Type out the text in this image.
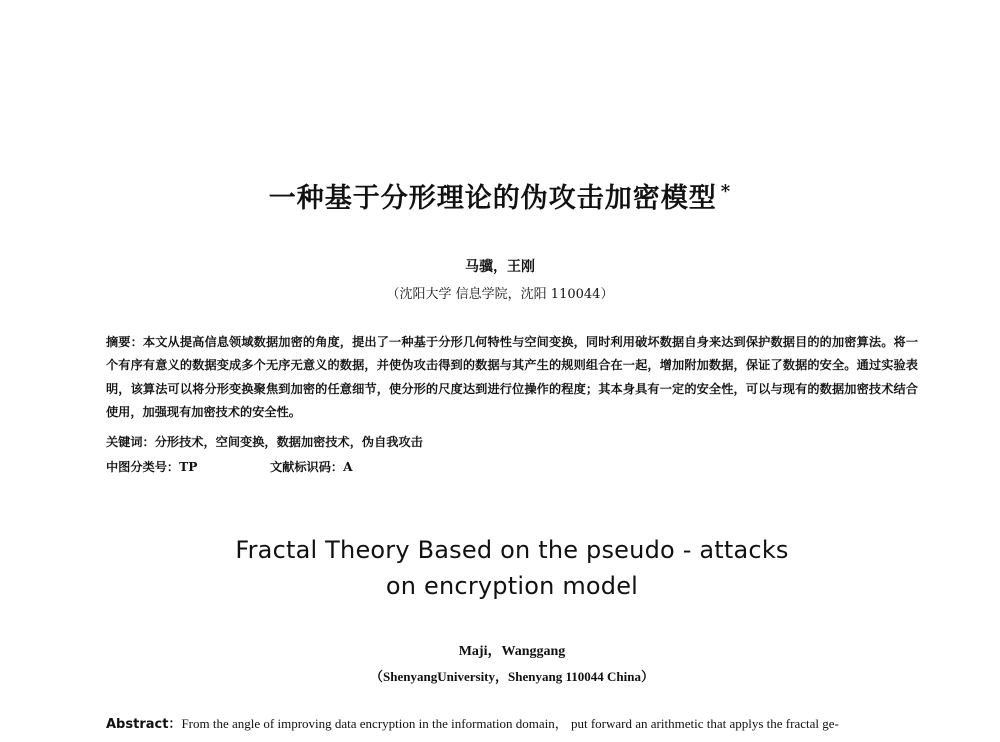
一种基于分形理论的伪攻击加密模型 *
马骥，王刚
（沈阳大学 信息学院，沈阳 110044）
摘要：本文从提高信息领域数据加密的角度，提出了一种基于分形几何特性与空间变换，同时利用破坏数据自身来达到保护数据目的的加密算法。将一个有序有意义的数据变成多个无序无意义的数据，并使伪攻击得到的数据与其产生的规则组合在一起，增加附加数据，保证了数据的安全。通过实验表明，该算法可以将分形变换聚焦到加密的任意细节，使分形的尺度达到进行位操作的程度；其本身具有一定的安全性，可以与现有的数据加密技术结合使用，加强现有加密技术的安全性。
关键词：分形技术，空间变换，数据加密技术，伪自我攻击
中图分类号：TP	文献标识码：A
Fractal Theory Based on the pseudo - attacks
on encryption model
Maji，Wanggang
（ShenyangUniversity，Shenyang 110044 China）
Abstract：From the angle of improving data encryption in the information domain， put forward an arithmetic that applys the fractal ge-
